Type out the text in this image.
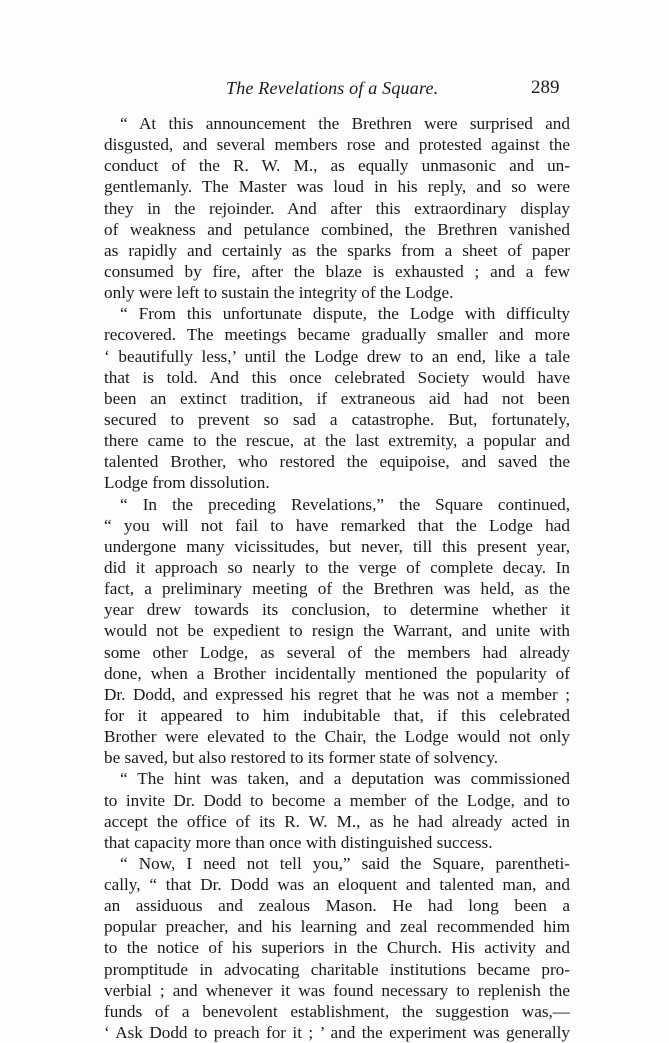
The Revelations of a Square.	289
“ At this announcement the Brethren were surprised and
disgusted, and several members rose and protested against the
conduct of the R. W. M., as equally unmasonic and un-
gentlemanly. The Master was loud in his reply, and so were
they in the rejoinder. And after this extraordinary display
of weakness and petulance combined, the Brethren vanished
as rapidly and certainly as the sparks from a sheet of paper
consumed by fire, after the blaze is exhausted ; and a few
only were left to sustain the integrity of the Lodge.
“ From this unfortunate dispute, the Lodge with difficulty
recovered. The meetings became gradually smaller and more
‘ beautifully less,’ until the Lodge drew to an end, like a tale
that is told. And this once celebrated Society would have
been an extinct tradition, if extraneous aid had not been
secured to prevent so sad a catastrophe. But, fortunately,
there came to the rescue, at the last extremity, a popular and
talented Brother, who restored the equipoise, and saved the
Lodge from dissolution.
“ In the preceding Revelations,” the Square continued,
“ you will not fail to have remarked that the Lodge had
undergone many vicissitudes, but never, till this present year,
did it approach so nearly to the verge of complete decay. In
fact, a preliminary meeting of the Brethren was held, as the
year drew towards its conclusion, to determine whether it
would not be expedient to resign the Warrant, and unite with
some other Lodge, as several of the members had already
done, when a Brother incidentally mentioned the popularity of
Dr. Dodd, and expressed his regret that he was not a member ;
for it appeared to him indubitable that, if this celebrated
Brother were elevated to the Chair, the Lodge would not only
be saved, but also restored to its former state of solvency.
“ The hint was taken, and a deputation was commissioned
to invite Dr. Dodd to become a member of the Lodge, and to
accept the office of its R. W. M., as he had already acted in
that capacity more than once with distinguished success.
“ Now, I need not tell you,” said the Square, parentheti-
cally, “ that Dr. Dodd was an eloquent and talented man, and
an assiduous and zealous Mason. He had long been a
popular preacher, and his learning and zeal recommended him
to the notice of his superiors in the Church. His activity and
promptitude in advocating charitable institutions became pro-
verbial ; and whenever it was found necessary to replenish the
funds of a benevolent establishment, the suggestion was,—
‘ Ask Dodd to preach for it ; ’ and the experiment was generally
